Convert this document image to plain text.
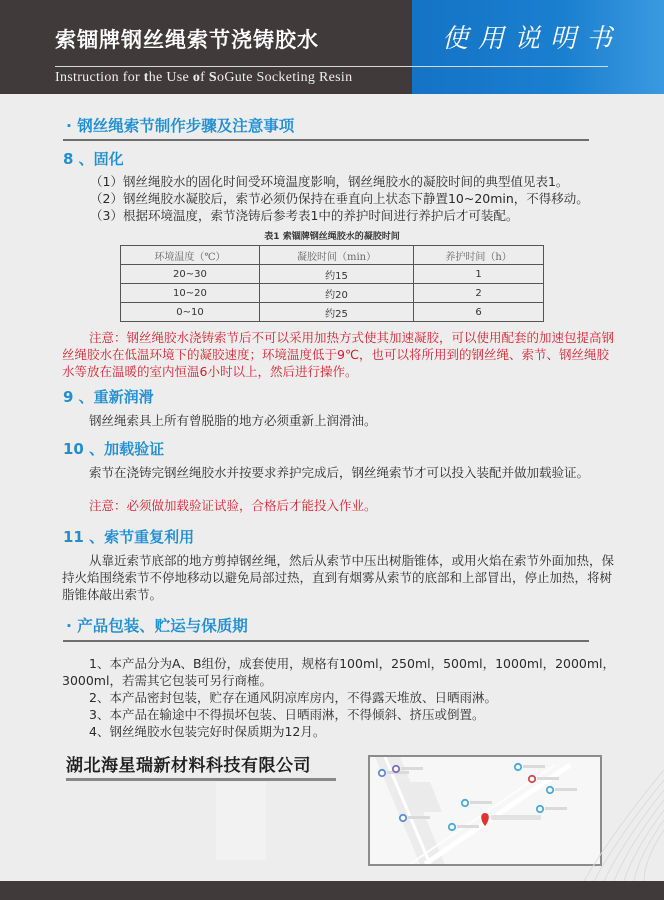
索锢牌钢丝绳索节浇铸胶水
Instruction for the Use of SoGute Socketing Resin
使用说明书
· 钢丝绳索节制作步骤及注意事项
8 、固化
（1）钢丝绳胶水的固化时间受环境温度影响，钢丝绳胶水的凝胶时间的典型值见表1。
（2）钢丝绳胶水凝胶后，索节必须仍保持在垂直向上状态下静置10~20min，不得移动。
（3）根据环境温度，索节浇铸后参考表1中的养护时间进行养护后才可装配。
表1 索锢牌钢丝绳胶水的凝胶时间
环境温度（℃）	凝胶时间（min）	养护时间（h）
20~30	约15	1
10~20	约20	2
0~10	约25	6
注意：钢丝绳胶水浇铸索节后不可以采用加热方式使其加速凝胶，可以使用配套的加速包提高钢丝绳胶水在低温环境下的凝胶速度；环境温度低于9℃，也可以将所用到的钢丝绳、索节、钢丝绳胶水等放在温暖的室内恒温6小时以上，然后进行操作。
9 、重新润滑
钢丝绳索具上所有曾脱脂的地方必须重新上润滑油。
10 、加载验证
索节在浇铸完钢丝绳胶水并按要求养护完成后，钢丝绳索节才可以投入装配并做加载验证。
注意：必须做加载验证试验，合格后才能投入作业。
11 、索节重复利用
从靠近索节底部的地方剪掉钢丝绳，然后从索节中压出树脂锥体，或用火焰在索节外面加热，保持火焰围绕索节不停地移动以避免局部过热，直到有烟雾从索节的底部和上部冒出，停止加热，将树脂锥体敲出索节。
· 产品包装、贮运与保质期
1、本产品分为A、B组份，成套使用，规格有100ml，250ml，500ml，1000ml，2000ml，3000ml，若需其它包装可另行商榷。
2、本产品密封包装，贮存在通风阴凉库房内，不得露天堆放、日晒雨淋。
3、本产品在输途中不得损坏包装、日晒雨淋，不得倾斜、挤压或倒置。
4、钢丝绳胶水包装完好时保质期为12月。
湖北海星瑞新材料科技有限公司
